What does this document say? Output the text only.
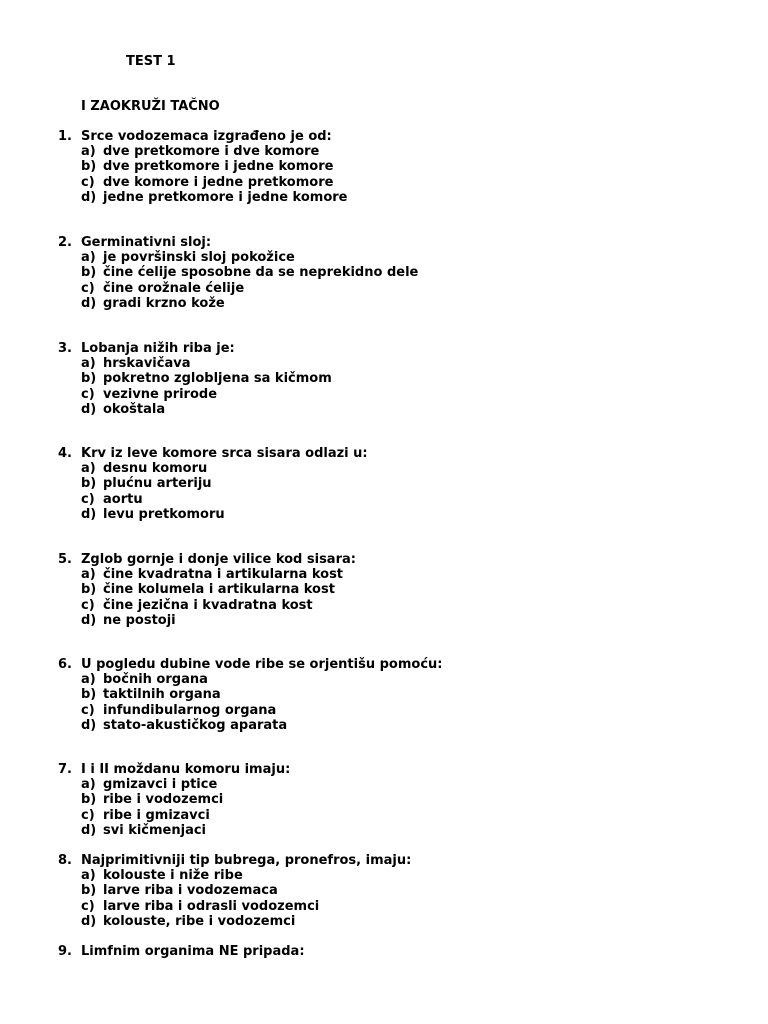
TEST 1
I ZAOKRUŽI TAČNO
1. Srce vodozemaca izgrađeno je od:
a) dve pretkomore i dve komore
b) dve pretkomore i jedne komore
c) dve komore i jedne pretkomore
d) jedne pretkomore i jedne komore
2. Germinativni sloj:
a) je površinski sloj pokožice
b) čine ćelije sposobne da se neprekidno dele
c) čine orožnale ćelije
d) gradi krzno kože
3. Lobanja nižih riba je:
a) hrskavičava
b) pokretno zglobljena sa kičmom
c) vezivne prirode
d) okoštala
4. Krv iz leve komore srca sisara odlazi u:
a) desnu komoru
b) plućnu arteriju
c) aortu
d) levu pretkomoru
5. Zglob gornje i donje vilice kod sisara:
a) čine kvadratna i artikularna kost
b) čine kolumela i artikularna kost
c) čine jezična i kvadratna kost
d) ne postoji
6. U pogledu dubine vode ribe se orjentišu pomoću:
a) bočnih organa
b) taktilnih organa
c) infundibularnog organa
d) stato-akustičkog aparata
7. I i II moždanu komoru imaju:
a) gmizavci i ptice
b) ribe i vodozemci
c) ribe i gmizavci
d) svi kičmenjaci
8. Najprimitivniji tip bubrega, pronefros, imaju:
a) kolouste i niže ribe
b) larve riba i vodozemaca
c) larve riba i odrasli vodozemci
d) kolouste, ribe i vodozemci
9. Limfnim organima NE pripada:
